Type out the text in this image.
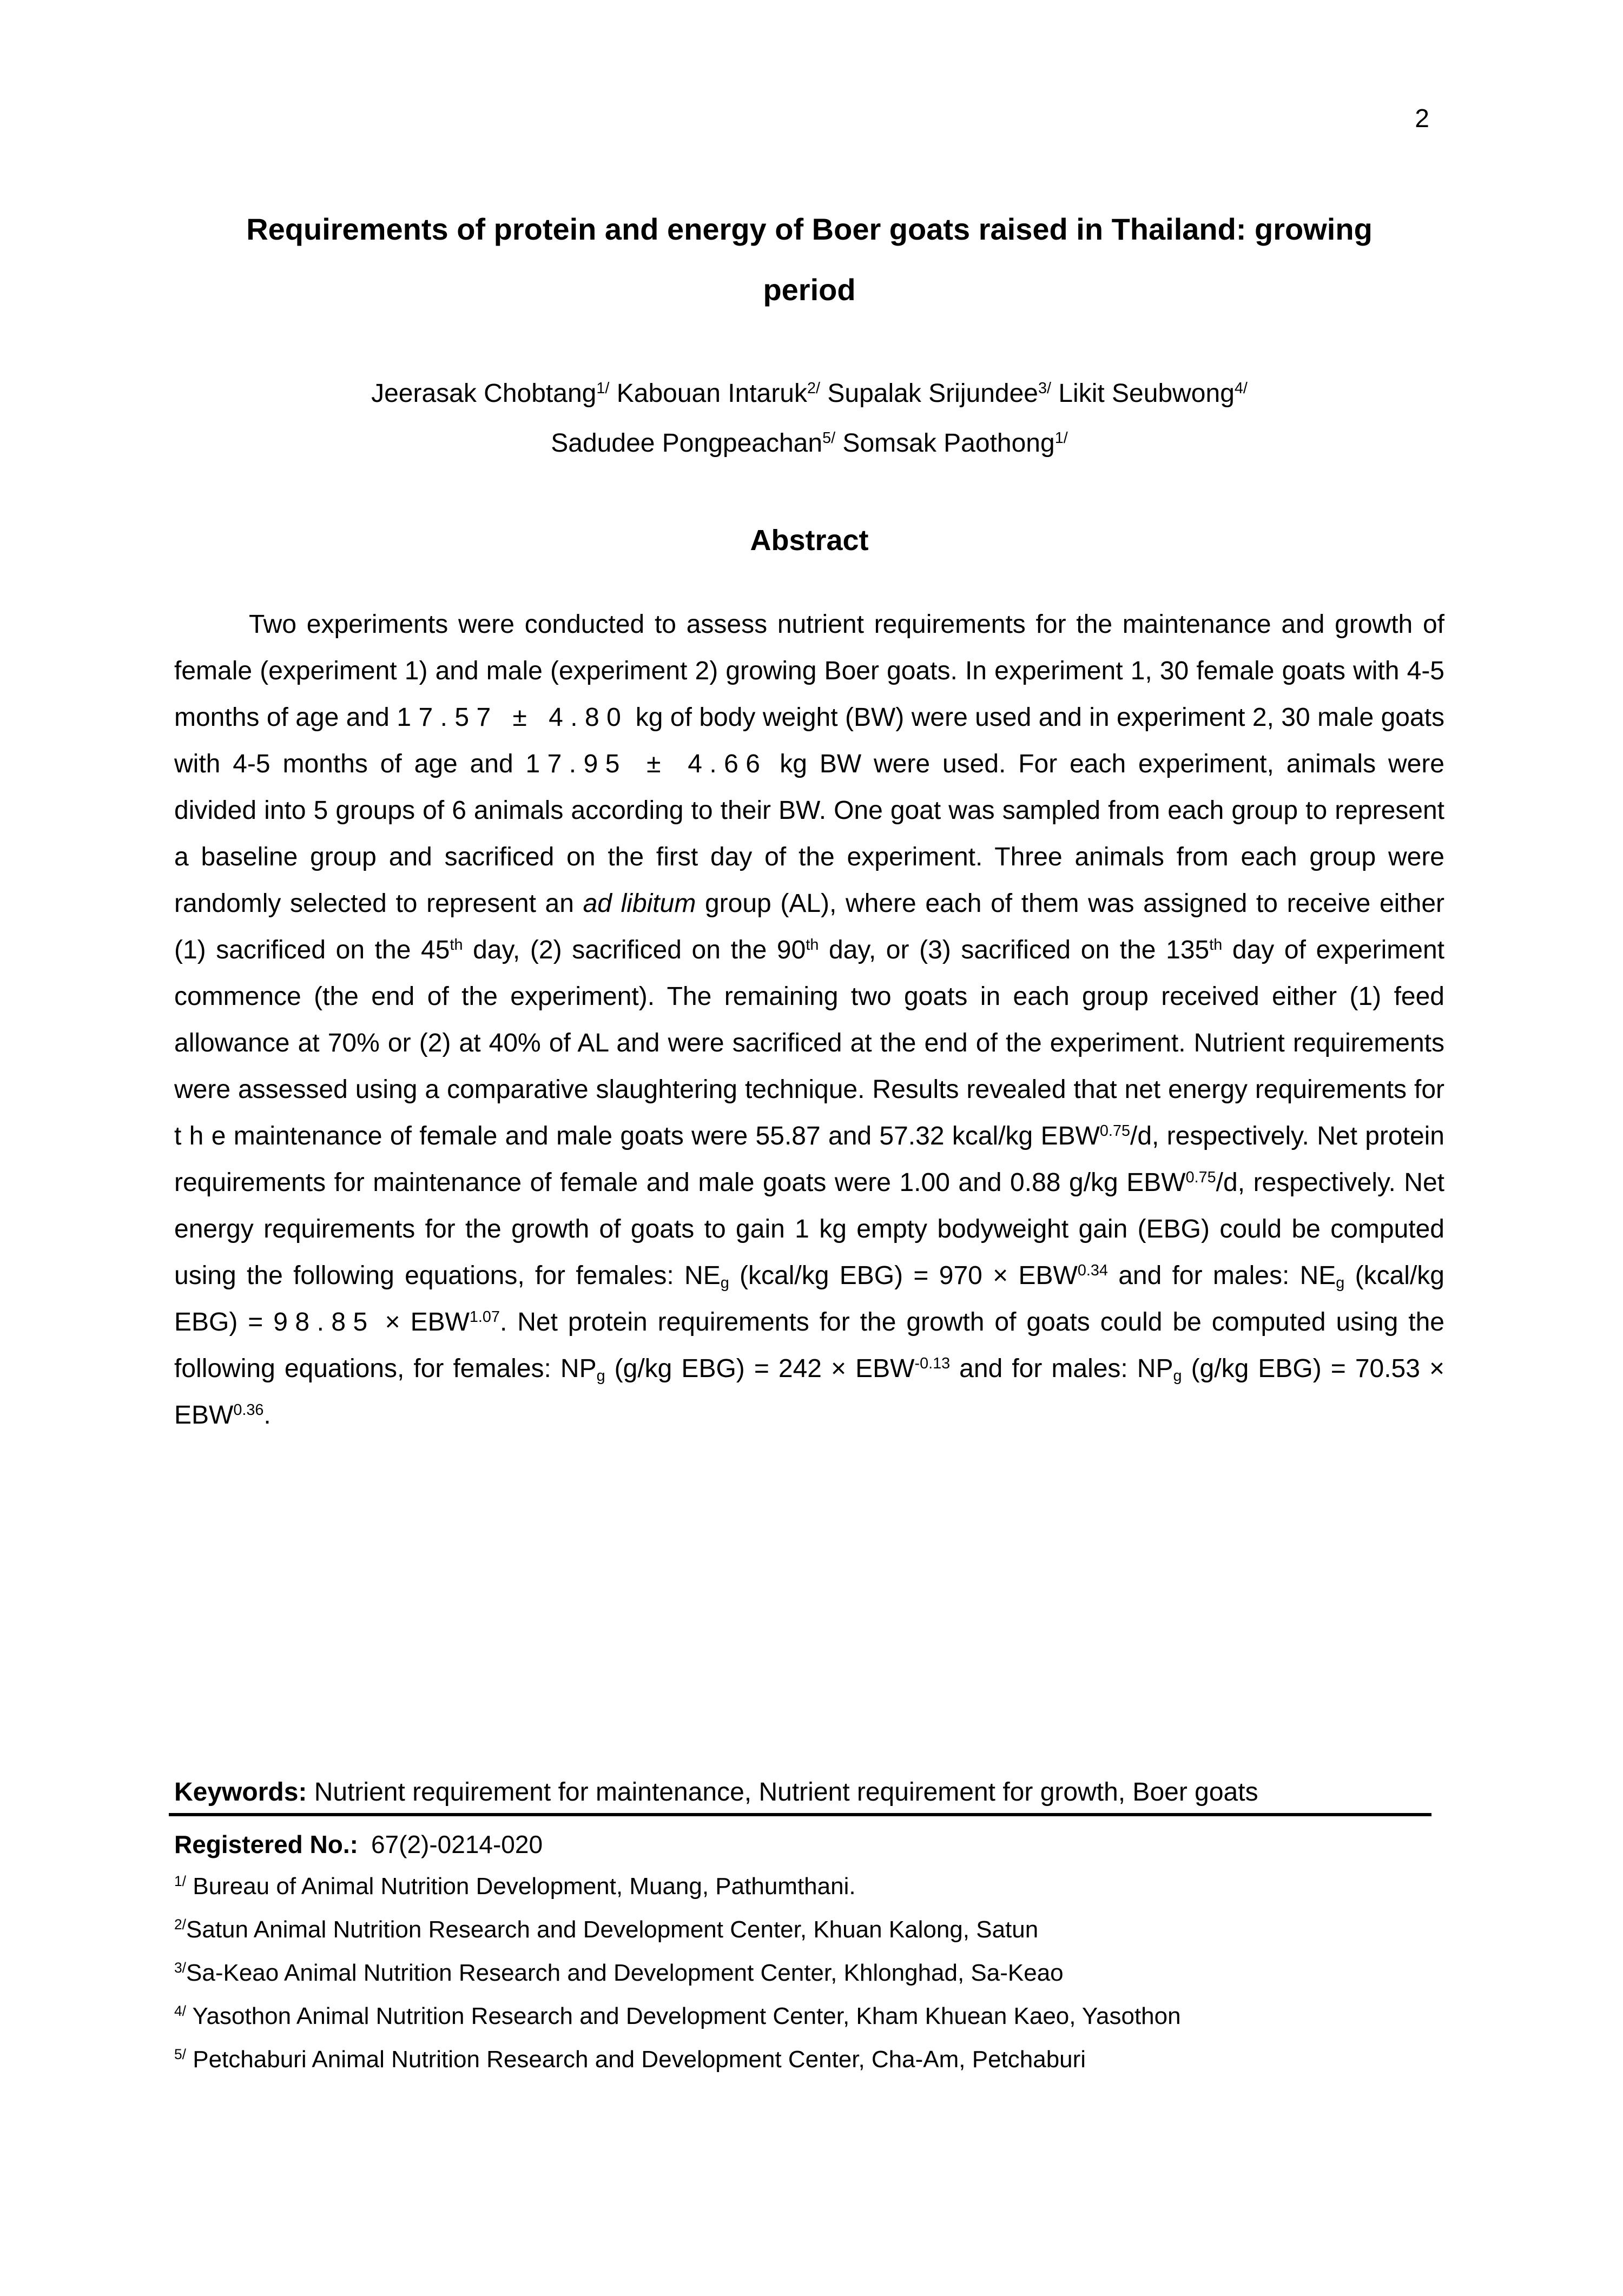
2
Requirements of protein and energy of Boer goats raised in Thailand: growing
period
Jeerasak Chobtang$^{1/}$ Kabouan Intaruk$^{2/}$ Supalak Srijundee$^{3/}$ Likit Seubwong$^{4/}$
Sadudee Pongpeachan$^{5/}$ Somsak Paothong$^{1/}$
Abstract

Two experiments were conducted to assess nutrient requirements for the maintenance and growth of female (experiment 1) and male (experiment 2) growing Boer goats. In experiment 1, 30 female goats with 4-5 months of age and 17.57 ± 4.80 kg of body weight (BW) were used and in experiment 2, 30 male goats with 4-5 months of age and 17.95 ± 4.66 kg BW were used. For each experiment, animals were divided into 5 groups of 6 animals according to their BW. One goat was sampled from each group to represent a baseline group and sacrificed on the first day of the experiment. Three animals from each group were randomly selected to represent an ad libitum group (AL), where each of them was assigned to receive either (1) sacrificed on the 45th day, (2) sacrificed on the 90th day, or (3) sacrificed on the 135th day of experiment commence (the end of the experiment). The remaining two goats in each group received either (1) feed allowance at 70% or (2) at 40% of AL and were sacrificed at the end of the experiment. Nutrient requirements were assessed using a comparative slaughtering technique. Results revealed that net energy requirements for t h e maintenance of female and male goats were 55.87 and 57.32 kcal/kg $EBW^{0.75}/d$, respectively. Net protein requirements for maintenance of female and male goats were 1.00 and 0.88 g/kg $EBW^{0.75}/d$, respectively. Net energy requirements for the growth of goats to gain 1 kg empty bodyweight gain (EBG) could be computed using the following equations, for females: $NE_g$ (kcal/kg $EBG) = 970 \times EBW^{0.34}$ and for males: $NE_g$ (kcal/kg $EBG) = 98.85 \times EBW^{1.07}$. Net protein requirements for the growth of goats could be computed using the following equations, for females: $NP_g$ (g/kg $EBG) = 242 \times EBW^{-0.13}$ and for males: $NP_g$ (g/kg $EBG) = 70.53 \times EBW^{0.36}$.

Keywords: Nutrient requirement for maintenance, Nutrient requirement for growth, Boer goats
Registered No.: 67(2)-0214-020
$^{1/}$ Bureau of Animal Nutrition Development, Muang, Pathumthani.
$^{2/}$Satun Animal Nutrition Research and Development Center, Khuan Kalong, Satun
$^{3/}$Sa-Keao Animal Nutrition Research and Development Center, Khlonghad, Sa-Keao
$^{4/}$ Yasothon Animal Nutrition Research and Development Center, Kham Khuean Kaeo, Yasothon
$^{5/}$ Petchaburi Animal Nutrition Research and Development Center, Cha-Am, Petchaburi
